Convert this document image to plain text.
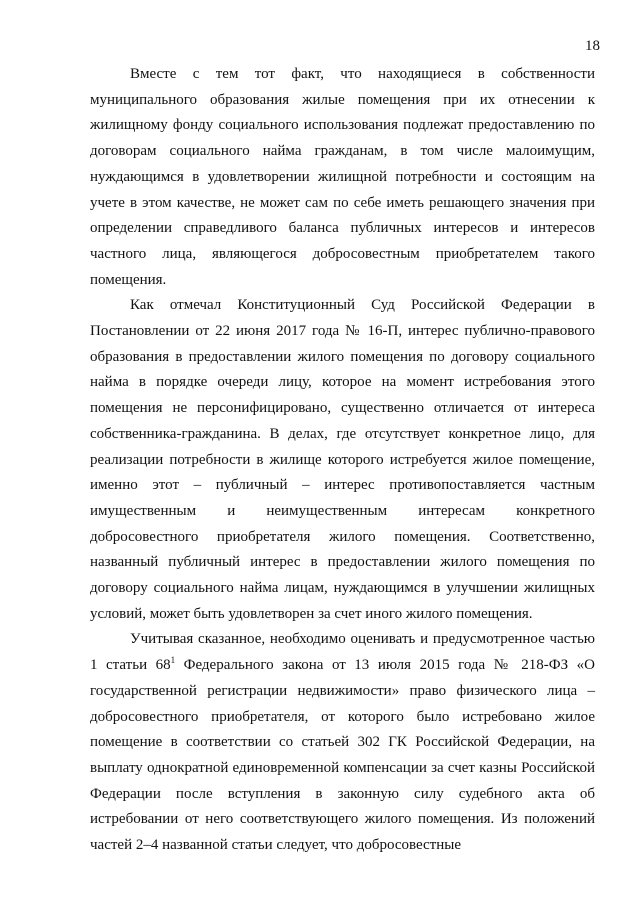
18

Вместе с тем тот факт, что находящиеся в собственности муниципального образования жилые помещения при их отнесении к жилищному фонду социального использования подлежат предоставлению по договорам социального найма гражданам, в том числе малоимущим, нуждающимся в удовлетворении жилищной потребности и состоящим на учете в этом качестве, не может сам по себе иметь решающего значения при определении справедливого баланса публичных интересов и интересов частного лица, являющегося добросовестным приобретателем такого помещения.

Как отмечал Конституционный Суд Российской Федерации в Постановлении от 22 июня 2017 года № 16-П, интерес публично-правового образования в предоставлении жилого помещения по договору социального найма в порядке очереди лицу, которое на момент истребования этого помещения не персонифицировано, существенно отличается от интереса собственника-гражданина. В делах, где отсутствует конкретное лицо, для реализации потребности в жилище которого истребуется жилое помещение, именно этот – публичный – интерес противопоставляется частным имущественным и неимущественным интересам конкретного добросовестного приобретателя жилого помещения. Соответственно, названный публичный интерес в предоставлении жилого помещения по договору социального найма лицам, нуждающимся в улучшении жилищных условий, может быть удовлетворен за счет иного жилого помещения.

Учитывая сказанное, необходимо оценивать и предусмотренное частью 1 статьи $68^1$ Федерального закона от 13 июля 2015 года № 218-ФЗ «О государственной регистрации недвижимости» право физического лица – добросовестного приобретателя, от которого было истребовано жилое помещение в соответствии со статьей 302 ГК Российской Федерации, на выплату однократной единовременной компенсации за счет казны Российской Федерации после вступления в законную силу судебного акта об истребовании от него соответствующего жилого помещения. Из положений частей 2–4 названной статьи следует, что добросовестные
